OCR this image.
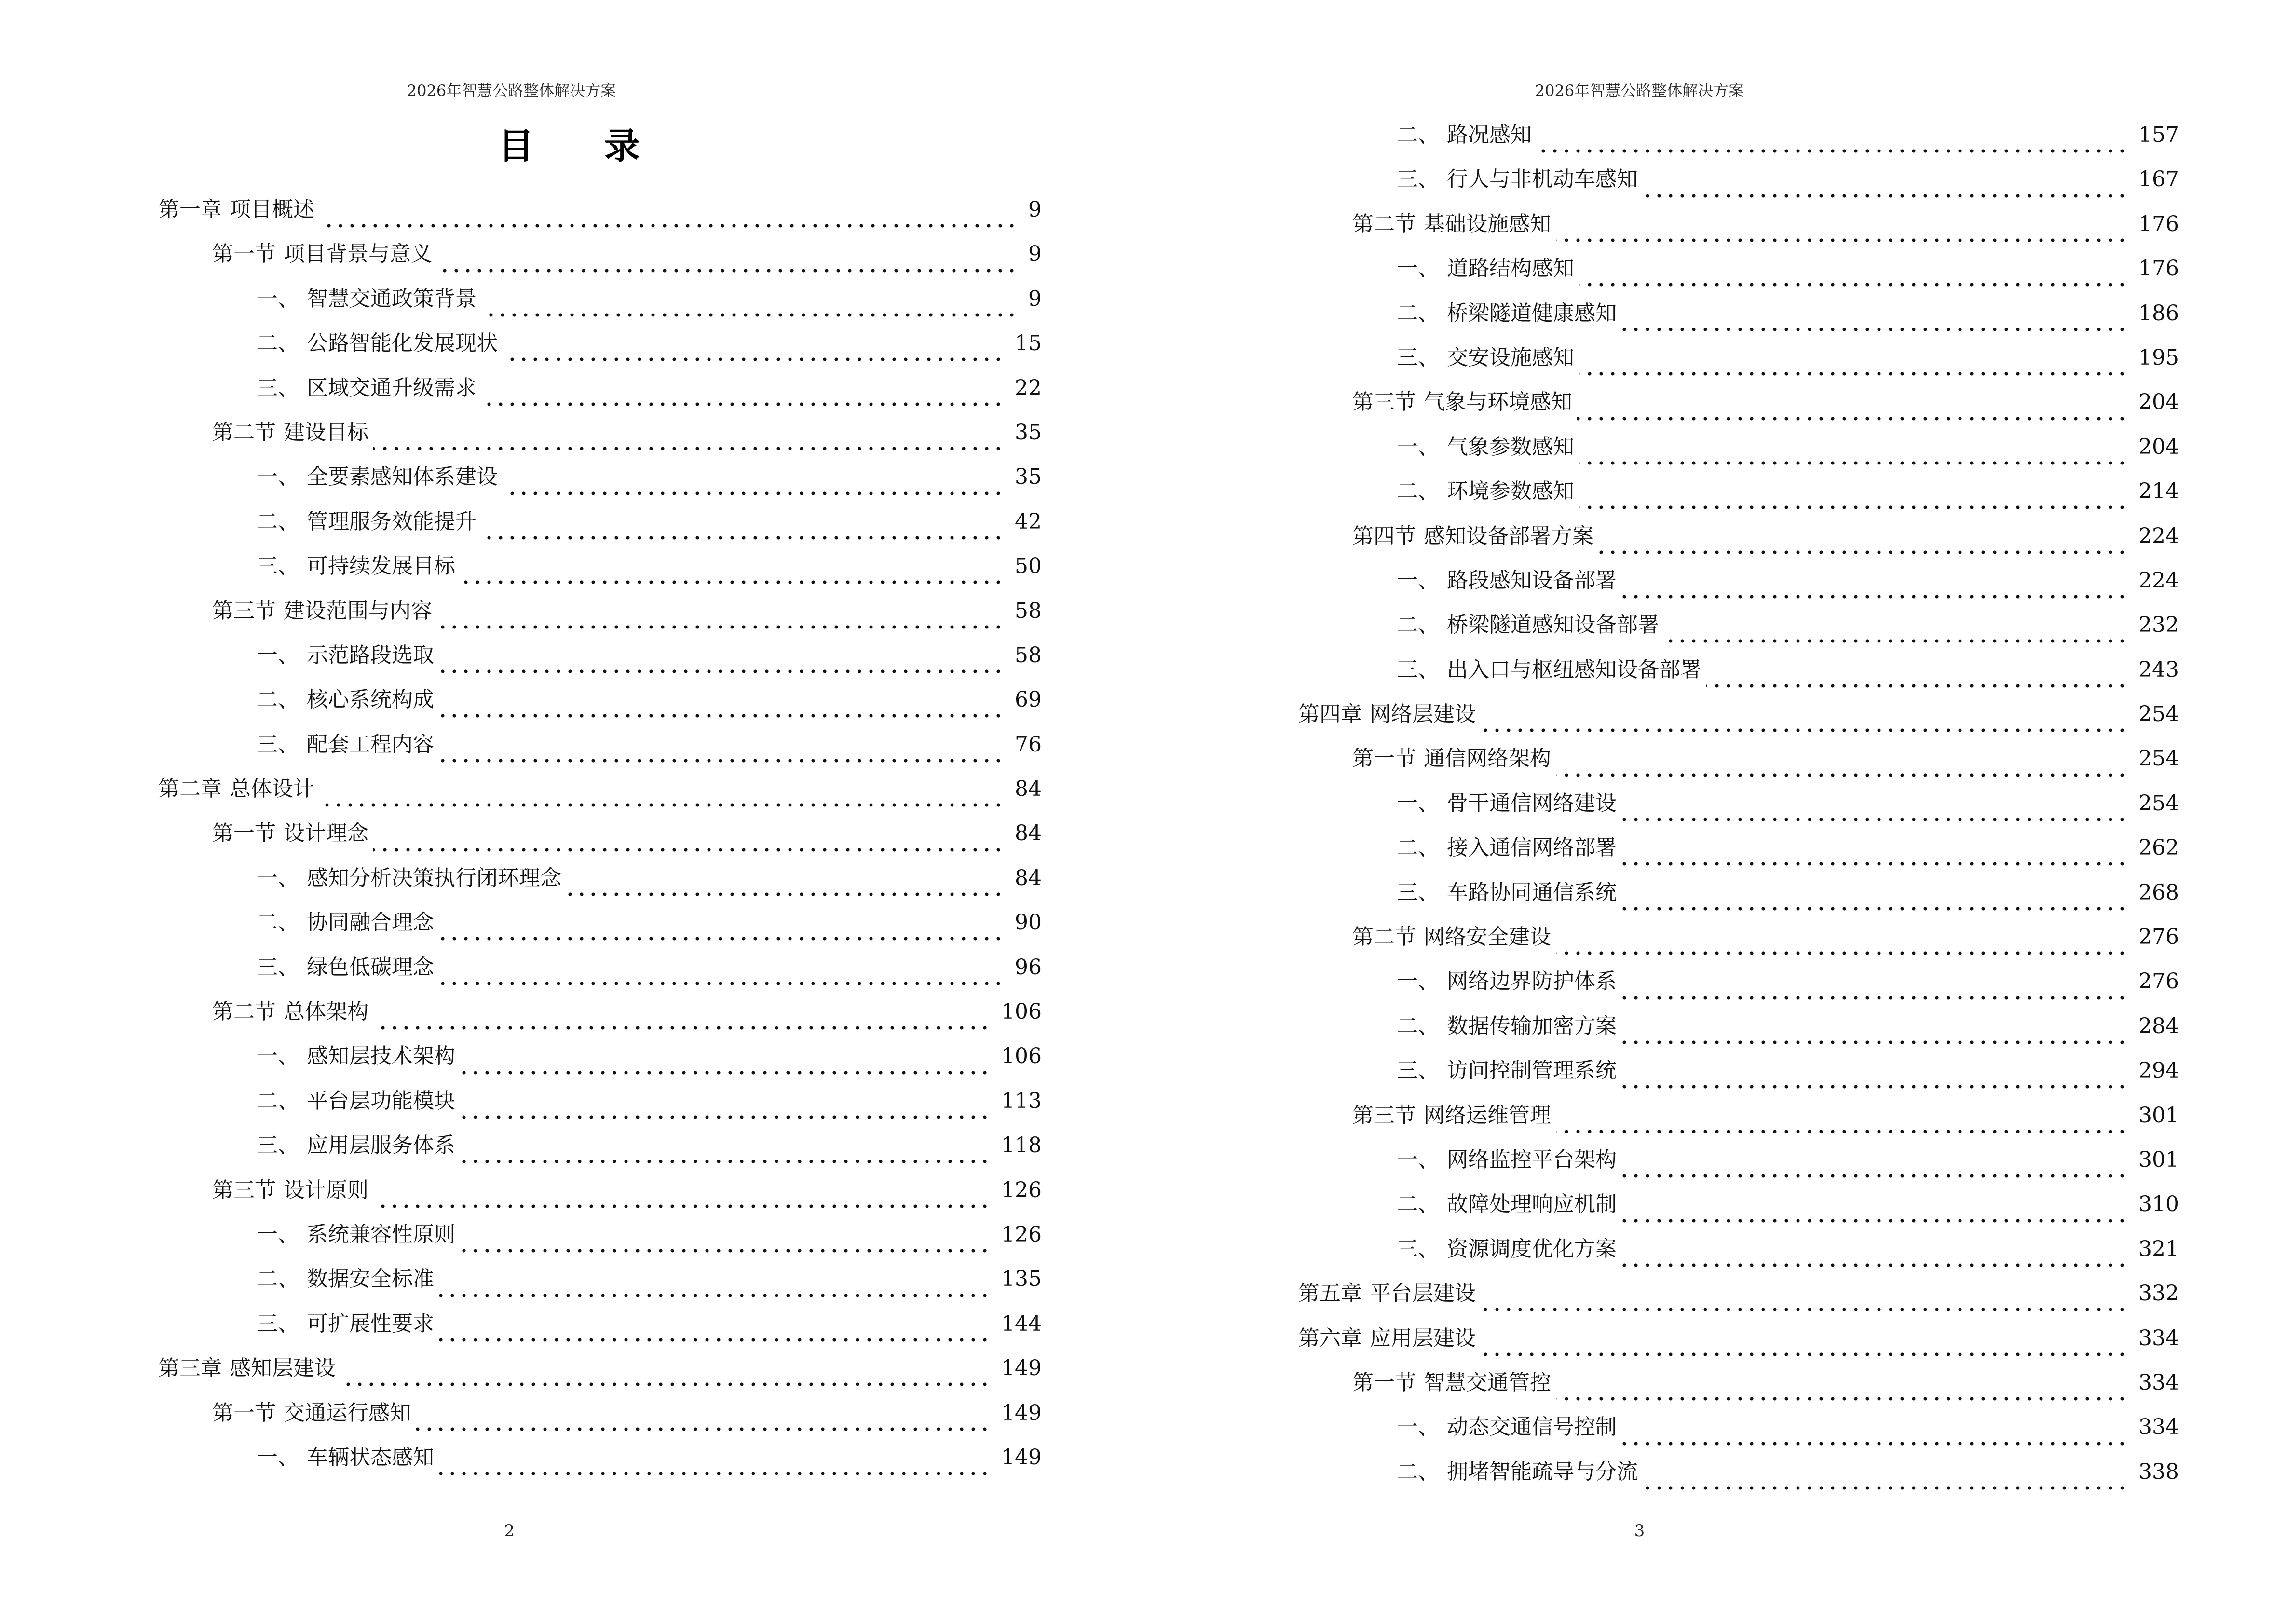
2026年智慧公路整体解决方案
目 录
第一章 项目概述	9
第一节 项目背景与意义	9
一、 智慧交通政策背景	9
二、 公路智能化发展现状	15
三、 区域交通升级需求	22
第二节 建设目标	35
一、 全要素感知体系建设	35
二、 管理服务效能提升	42
三、 可持续发展目标	50
第三节 建设范围与内容	58
一、 示范路段选取	58
二、 核心系统构成	69
三、 配套工程内容	76
第二章 总体设计	84
第一节 设计理念	84
一、 感知分析决策执行闭环理念	84
二、 协同融合理念	90
三、 绿色低碳理念	96
第二节 总体架构	106
一、 感知层技术架构	106
二、 平台层功能模块	113
三、 应用层服务体系	118
第三节 设计原则	126
一、 系统兼容性原则	126
二、 数据安全标准	135
三、 可扩展性要求	144
第三章 感知层建设	149
第一节 交通运行感知	149
一、 车辆状态感知	149
2
2026年智慧公路整体解决方案
二、 路况感知	157
三、 行人与非机动车感知	167
第二节 基础设施感知	176
一、 道路结构感知	176
二、 桥梁隧道健康感知	186
三、 交安设施感知	195
第三节 气象与环境感知	204
一、 气象参数感知	204
二、 环境参数感知	214
第四节 感知设备部署方案	224
一、 路段感知设备部署	224
二、 桥梁隧道感知设备部署	232
三、 出入口与枢纽感知设备部署	243
第四章 网络层建设	254
第一节 通信网络架构	254
一、 骨干通信网络建设	254
二、 接入通信网络部署	262
三、 车路协同通信系统	268
第二节 网络安全建设	276
一、 网络边界防护体系	276
二、 数据传输加密方案	284
三、 访问控制管理系统	294
第三节 网络运维管理	301
一、 网络监控平台架构	301
二、 故障处理响应机制	310
三、 资源调度优化方案	321
第五章 平台层建设	332
第六章 应用层建设	334
第一节 智慧交通管控	334
一、 动态交通信号控制	334
二、 拥堵智能疏导与分流	338
3
